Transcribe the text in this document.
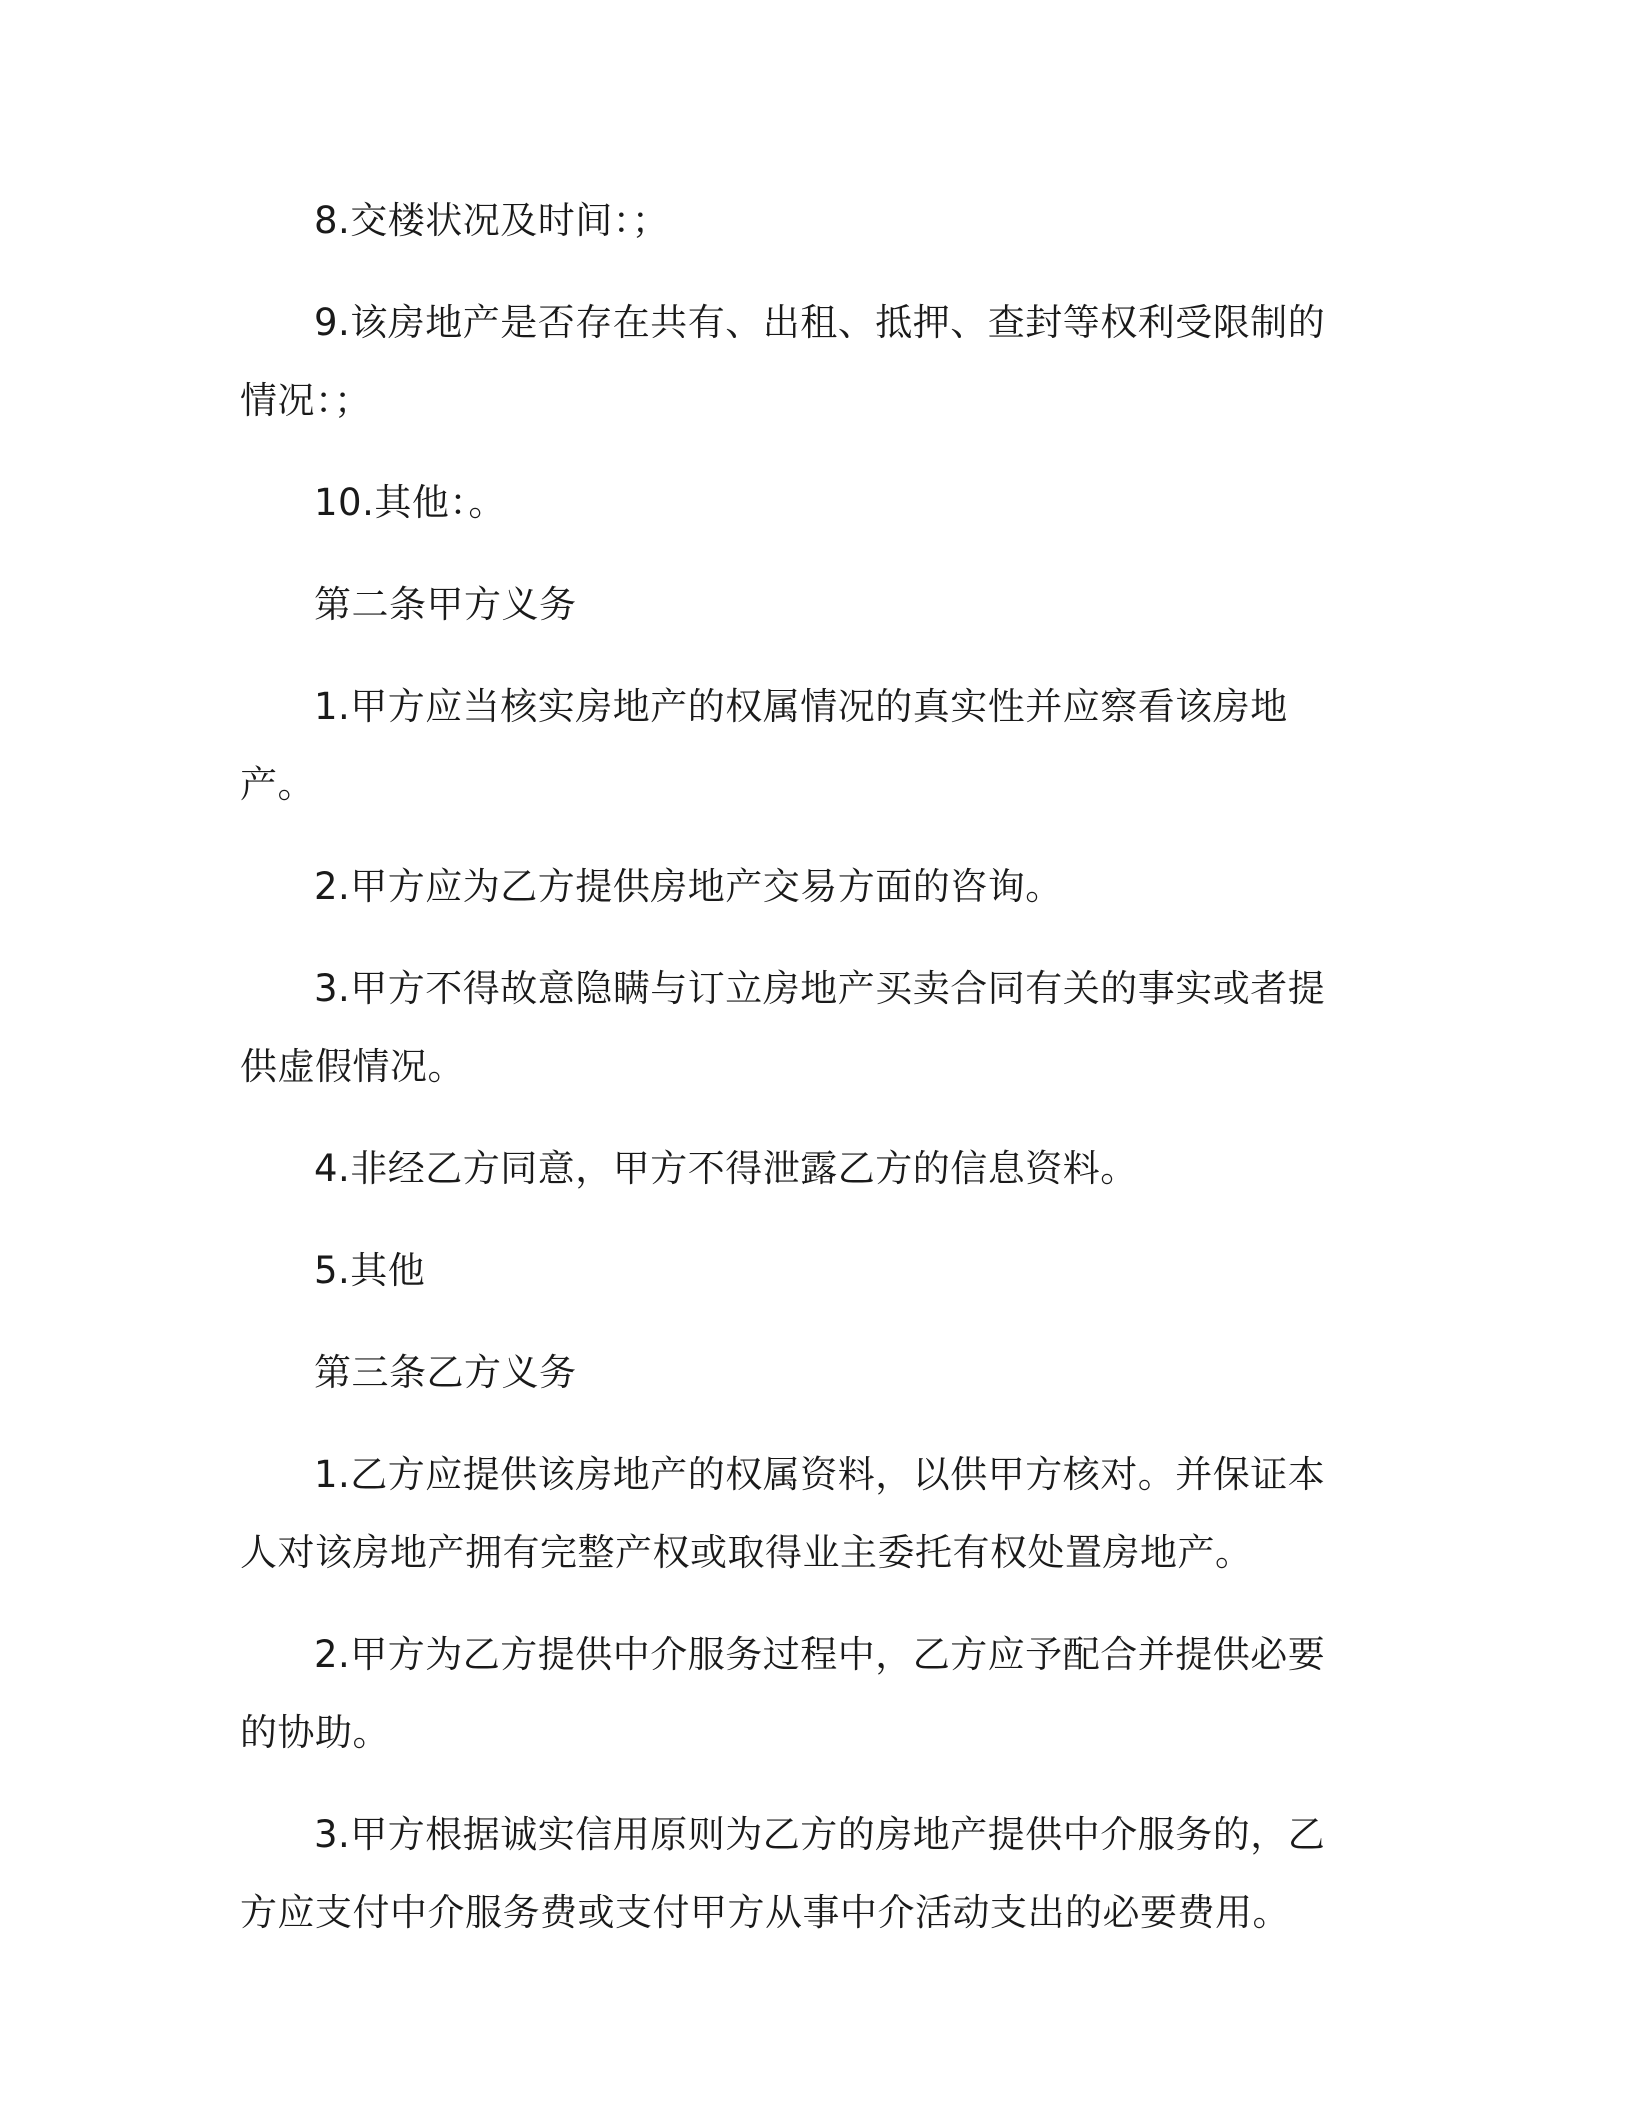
8.交楼状况及时间：；

9.该房地产是否存在共有、出租、抵押、查封等权利受限制的情况：；

10.其他：。

第二条甲方义务

1.甲方应当核实房地产的权属情况的真实性并应察看该房地产。

2.甲方应为乙方提供房地产交易方面的咨询。

3.甲方不得故意隐瞒与订立房地产买卖合同有关的事实或者提供虚假情况。

4.非经乙方同意，甲方不得泄露乙方的信息资料。

5.其他

第三条乙方义务

1.乙方应提供该房地产的权属资料，以供甲方核对。并保证本人对该房地产拥有完整产权或取得业主委托有权处置房地产。

2.甲方为乙方提供中介服务过程中，乙方应予配合并提供必要的协助。

3.甲方根据诚实信用原则为乙方的房地产提供中介服务的，乙方应支付中介服务费或支付甲方从事中介活动支出的必要费用。
